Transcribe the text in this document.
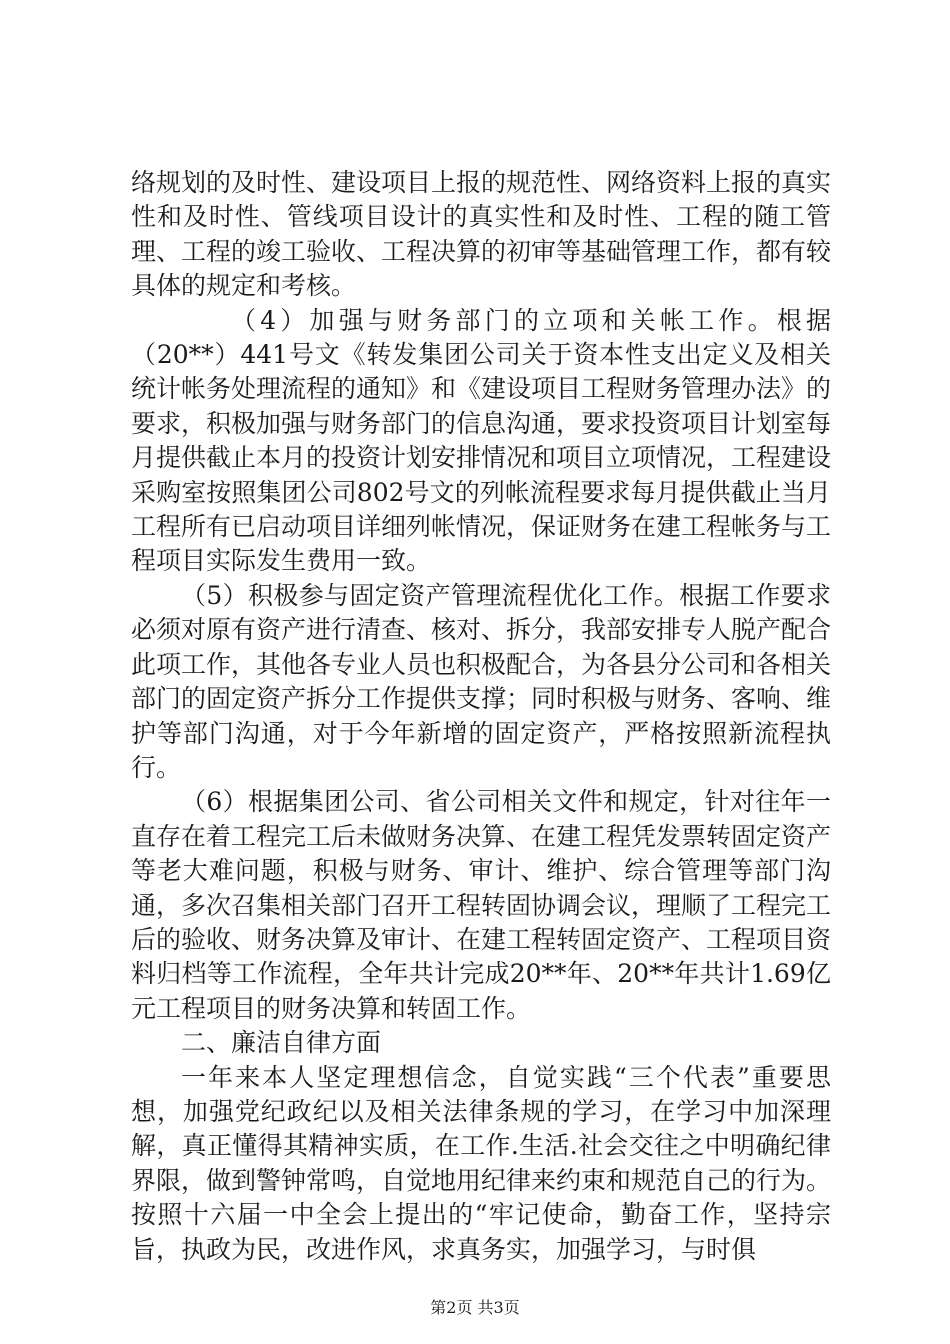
络规划的及时性、建设项目上报的规范性、网络资料上报的真实性和及时性、管线项目设计的真实性和及时性、工程的随工管理、工程的竣工验收、工程决算的初审等基础管理工作，都有较具体的规定和考核。

（4）加强与财务部门的立项和关帐工作。根据（20**）441号文《转发集团公司关于资本性支出定义及相关统计帐务处理流程的通知》和《建设项目工程财务管理办法》的要求，积极加强与财务部门的信息沟通，要求投资项目计划室每月提供截止本月的投资计划安排情况和项目立项情况，工程建设采购室按照集团公司802号文的列帐流程要求每月提供截止当月工程所有已启动项目详细列帐情况，保证财务在建工程帐务与工程项目实际发生费用一致。

（5）积极参与固定资产管理流程优化工作。根据工作要求必须对原有资产进行清查、核对、拆分，我部安排专人脱产配合此项工作，其他各专业人员也积极配合，为各县分公司和各相关部门的固定资产拆分工作提供支撑；同时积极与财务、客响、维护等部门沟通，对于今年新增的固定资产，严格按照新流程执行。

（6）根据集团公司、省公司相关文件和规定，针对往年一直存在着工程完工后未做财务决算、在建工程凭发票转固定资产等老大难问题，积极与财务、审计、维护、综合管理等部门沟通，多次召集相关部门召开工程转固协调会议，理顺了工程完工后的验收、财务决算及审计、在建工程转固定资产、工程项目资料归档等工作流程，全年共计完成20**年、20**年共计1.69亿元工程项目的财务决算和转固工作。

二、廉洁自律方面

一年来本人坚定理想信念，自觉实践“三个代表”重要思想，加强党纪政纪以及相关法律条规的学习，在学习中加深理解，真正懂得其精神实质，在工作.生活.社会交往之中明确纪律界限，做到警钟常鸣，自觉地用纪律来约束和规范自己的行为。按照十六届一中全会上提出的“牢记使命，勤奋工作，坚持宗旨，执政为民，改进作风，求真务实，加强学习，与时俱

第2页 共3页
